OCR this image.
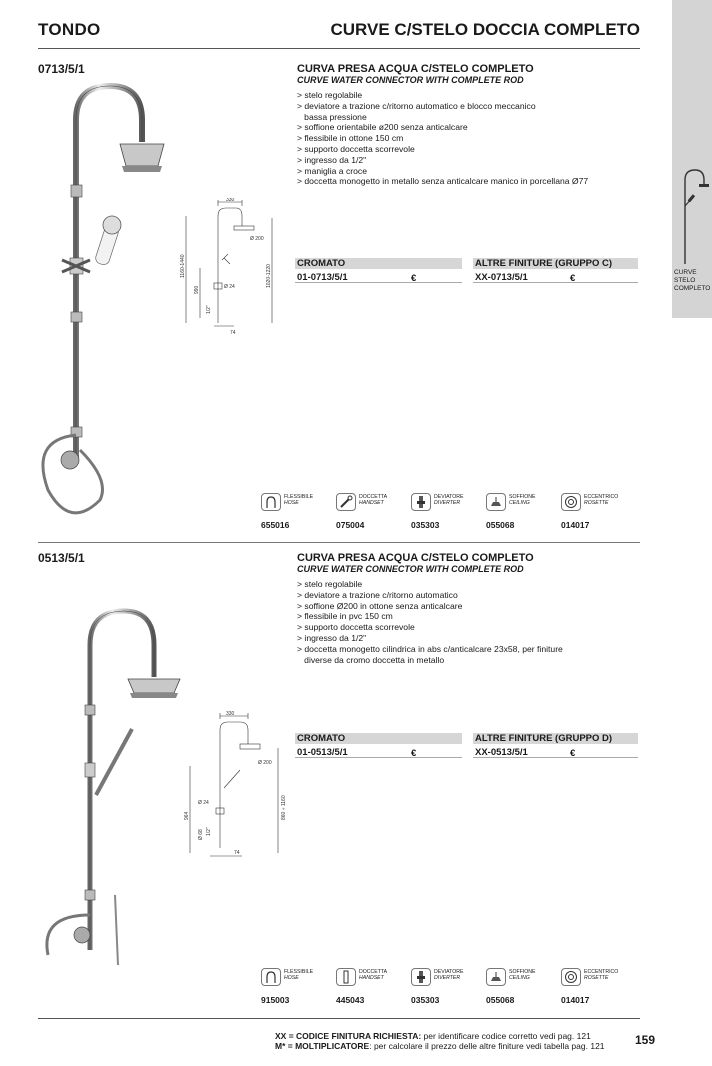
TONDO	CURVE C/STELO DOCCIA COMPLETO
CURVE
STELO
COMPLETO
0713/5/1
330
Ø 200
Ø 24
74
1160-1440
990
1020-1220
1/2"
CURVA PRESA ACQUA C/STELO COMPLETO
CURVE WATER CONNECTOR WITH COMPLETE ROD
> stelo regolabile
> deviatore a trazione c/ritorno automatico e blocco meccanico
bassa pressione
> soffione orientabile ø200 senza anticalcare
> flessibile in ottone 150 cm
> supporto doccetta scorrevole
> ingresso da 1/2"
> maniglia a croce
> doccetta monogetto in metallo senza anticalcare manico in porcellana Ø77
CROMATO
01-0713/5/1	€
ALTRE FINITURE (GRUPPO C)
XX-0713/5/1	€
FLESSIBILE
HOSE
655016
DOCCETTA
HANDSET
075004
DEVIATORE
DIVERTER
035303
SOFFIONE
CEILING
055068
ECCENTRICO
ROSETTE
014017
0513/5/1
330
Ø 200
Ø 24
74
964
Ø 68 1/2"
860 ÷ 1160
CURVA PRESA ACQUA C/STELO COMPLETO
CURVE WATER CONNECTOR WITH COMPLETE ROD
> stelo regolabile
> deviatore a trazione c/ritorno automatico
> soffione Ø200 in ottone senza anticalcare
> flessibile in pvc 150 cm
> supporto doccetta scorrevole
> ingresso da 1/2"
> doccetta monogetto cilindrica in abs c/anticalcare 23x58, per finiture
diverse da cromo doccetta in metallo
CROMATO
01-0513/5/1	€
ALTRE FINITURE (GRUPPO D)
XX-0513/5/1	€
FLESSIBILE
HOSE
915003
DOCCETTA
HANDSET
445043
DEVIATORE
DIVERTER
035303
SOFFIONE
CEILING
055068
ECCENTRICO
ROSETTE
014017
XX = CODICE FINITURA RICHIESTA: per identificare codice corretto vedi pag. 121
M* = MOLTIPLICATORE: per calcolare il prezzo delle altre finiture vedi tabella pag. 121	159
